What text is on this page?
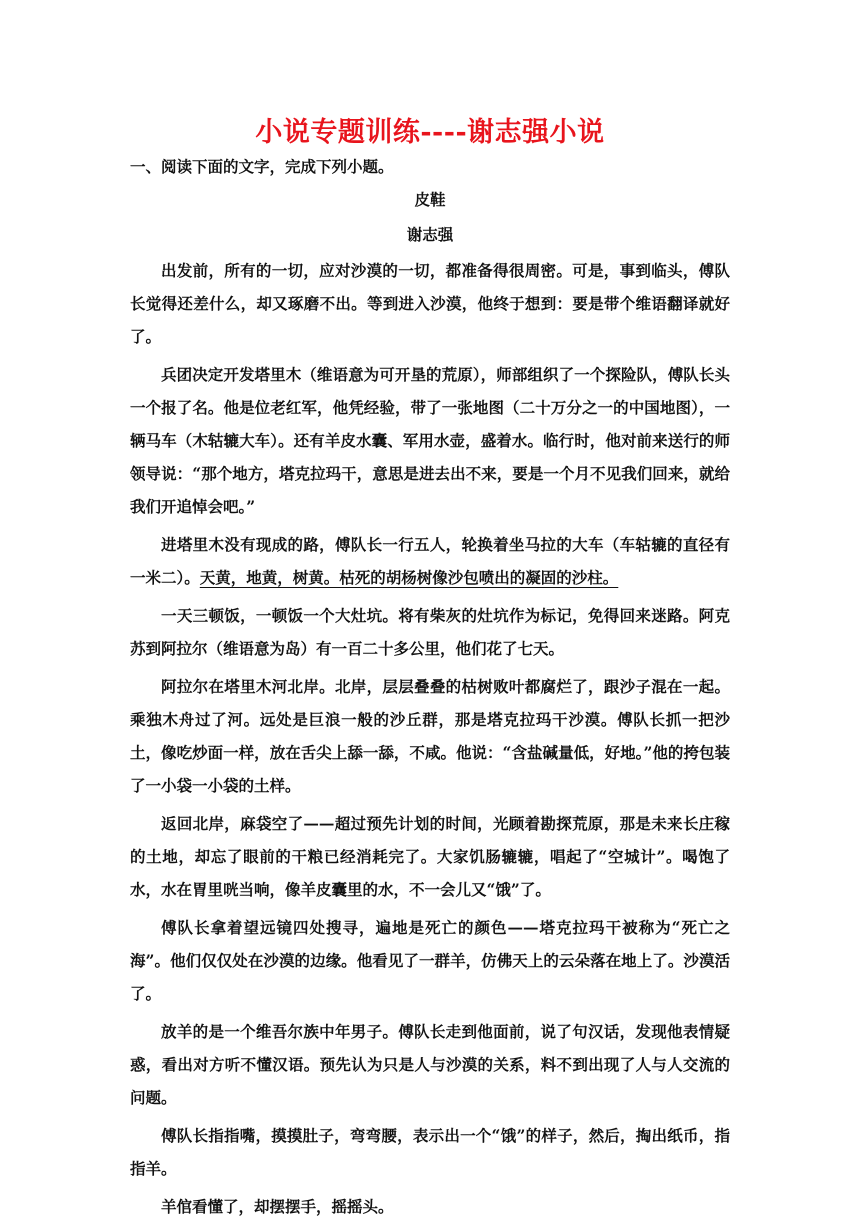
小说专题训练----谢志强小说
一、阅读下面的文字，完成下列小题。
皮鞋
谢志强

出发前，所有的一切，应对沙漠的一切，都准备得很周密。可是，事到临头，傅队长觉得还差什么，却又琢磨不出。等到进入沙漠，他终于想到：要是带个维语翻译就好了。

兵团决定开发塔里木（维语意为可开垦的荒原），师部组织了一个探险队，傅队长头一个报了名。他是位老红军，他凭经验，带了一张地图（二十万分之一的中国地图），一辆马车（木轱辘大车）。还有羊皮水囊、军用水壶，盛着水。临行时，他对前来送行的师领导说：“那个地方，塔克拉玛干，意思是进去出不来，要是一个月不见我们回来，就给我们开追悼会吧。”

进塔里木没有现成的路，傅队长一行五人，轮换着坐马拉的大车（车轱辘的直径有一米二）。天黄，地黄，树黄。枯死的胡杨树像沙包喷出的凝固的沙柱。

一天三顿饭，一顿饭一个大灶坑。将有柴灰的灶坑作为标记，免得回来迷路。阿克苏到阿拉尔（维语意为岛）有一百二十多公里，他们花了七天。

阿拉尔在塔里木河北岸。北岸，层层叠叠的枯树败叶都腐烂了，跟沙子混在一起。乘独木舟过了河。远处是巨浪一般的沙丘群，那是塔克拉玛干沙漠。傅队长抓一把沙土，像吃炒面一样，放在舌尖上舔一舔，不咸。他说：“含盐碱量低，好地。”他的挎包装了一小袋一小袋的土样。

返回北岸，麻袋空了——超过预先计划的时间，光顾着勘探荒原，那是未来长庄稼的土地，却忘了眼前的干粮已经消耗完了。大家饥肠辘辘，唱起了“空城计”。喝饱了水，水在胃里咣当响，像羊皮囊里的水，不一会儿又“饿”了。

傅队长拿着望远镜四处搜寻，遍地是死亡的颜色——塔克拉玛干被称为“死亡之海”。他们仅仅处在沙漠的边缘。他看见了一群羊，仿佛天上的云朵落在地上了。沙漠活了。

放羊的是一个维吾尔族中年男子。傅队长走到他面前，说了句汉话，发现他表情疑惑，看出对方听不懂汉语。预先认为只是人与沙漠的关系，料不到出现了人与人交流的问题。

傅队长指指嘴，摸摸肚子，弯弯腰，表示出一个“饿”的样子，然后，掏出纸币，指指羊。

羊倌看懂了，却摆摆手，摇摇头。
